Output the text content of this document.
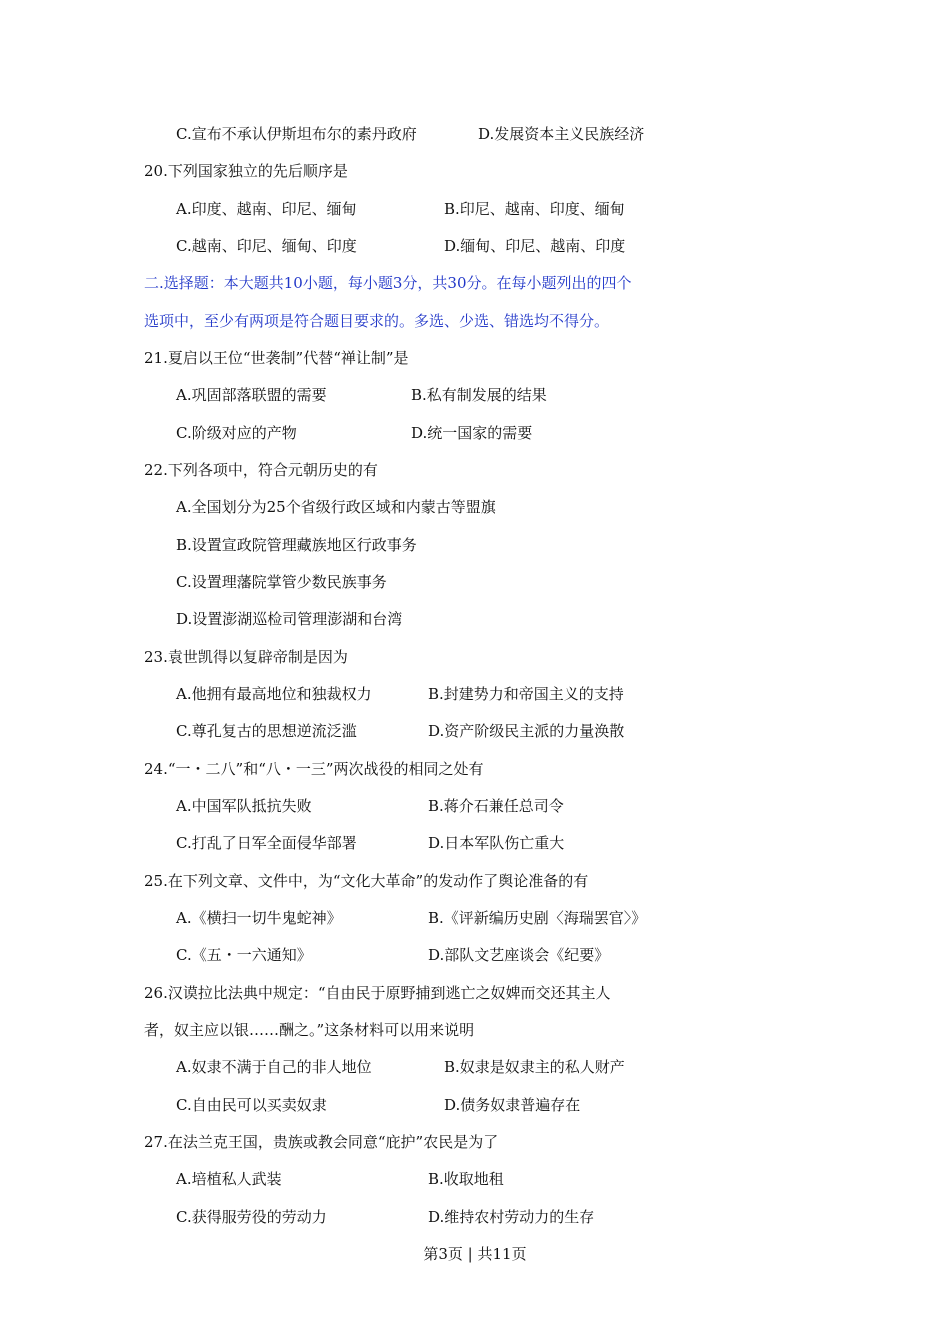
C.宣布不承认伊斯坦布尔的素丹政府	D.发展资本主义民族经济
20.下列国家独立的先后顺序是
A.印度、越南、印尼、缅甸	B.印尼、越南、印度、缅甸
C.越南、印尼、缅甸、印度	D.缅甸、印尼、越南、印度
二.选择题：本大题共10小题，每小题3分，共30分。在每小题列出的四个
选项中，至少有两项是符合题目要求的。多选、少选、错选均不得分。
21.夏启以王位“世袭制”代替“禅让制”是
A.巩固部落联盟的需要	B.私有制发展的结果
C.阶级对应的产物	D.统一国家的需要
22.下列各项中，符合元朝历史的有
A.全国划分为25个省级行政区域和内蒙古等盟旗
B.设置宣政院管理藏族地区行政事务
C.设置理藩院掌管少数民族事务
D.设置澎湖巡检司管理澎湖和台湾
23.袁世凯得以复辟帝制是因为
A.他拥有最高地位和独裁权力	B.封建势力和帝国主义的支持
C.尊孔复古的思想逆流泛滥	D.资产阶级民主派的力量涣散
24.“一・二八”和“八・一三”两次战役的相同之处有
A.中国军队抵抗失败	B.蒋介石兼任总司令
C.打乱了日军全面侵华部署	D.日本军队伤亡重大
25.在下列文章、文件中，为“文化大革命”的发动作了舆论准备的有
A.《横扫一切牛鬼蛇神》	B.《评新编历史剧〈海瑞罢官〉》
C.《五・一六通知》	D.部队文艺座谈会《纪要》
26.汉谟拉比法典中规定：“自由民于原野捕到逃亡之奴婢而交还其主人
者，奴主应以银……酬之。”这条材料可以用来说明
A.奴隶不满于自己的非人地位	B.奴隶是奴隶主的私人财产
C.自由民可以买卖奴隶	D.债务奴隶普遍存在
27.在法兰克王国，贵族或教会同意“庇护”农民是为了
A.培植私人武装	B.收取地租
C.获得服劳役的劳动力	D.维持农村劳动力的生存
第3页 | 共11页
